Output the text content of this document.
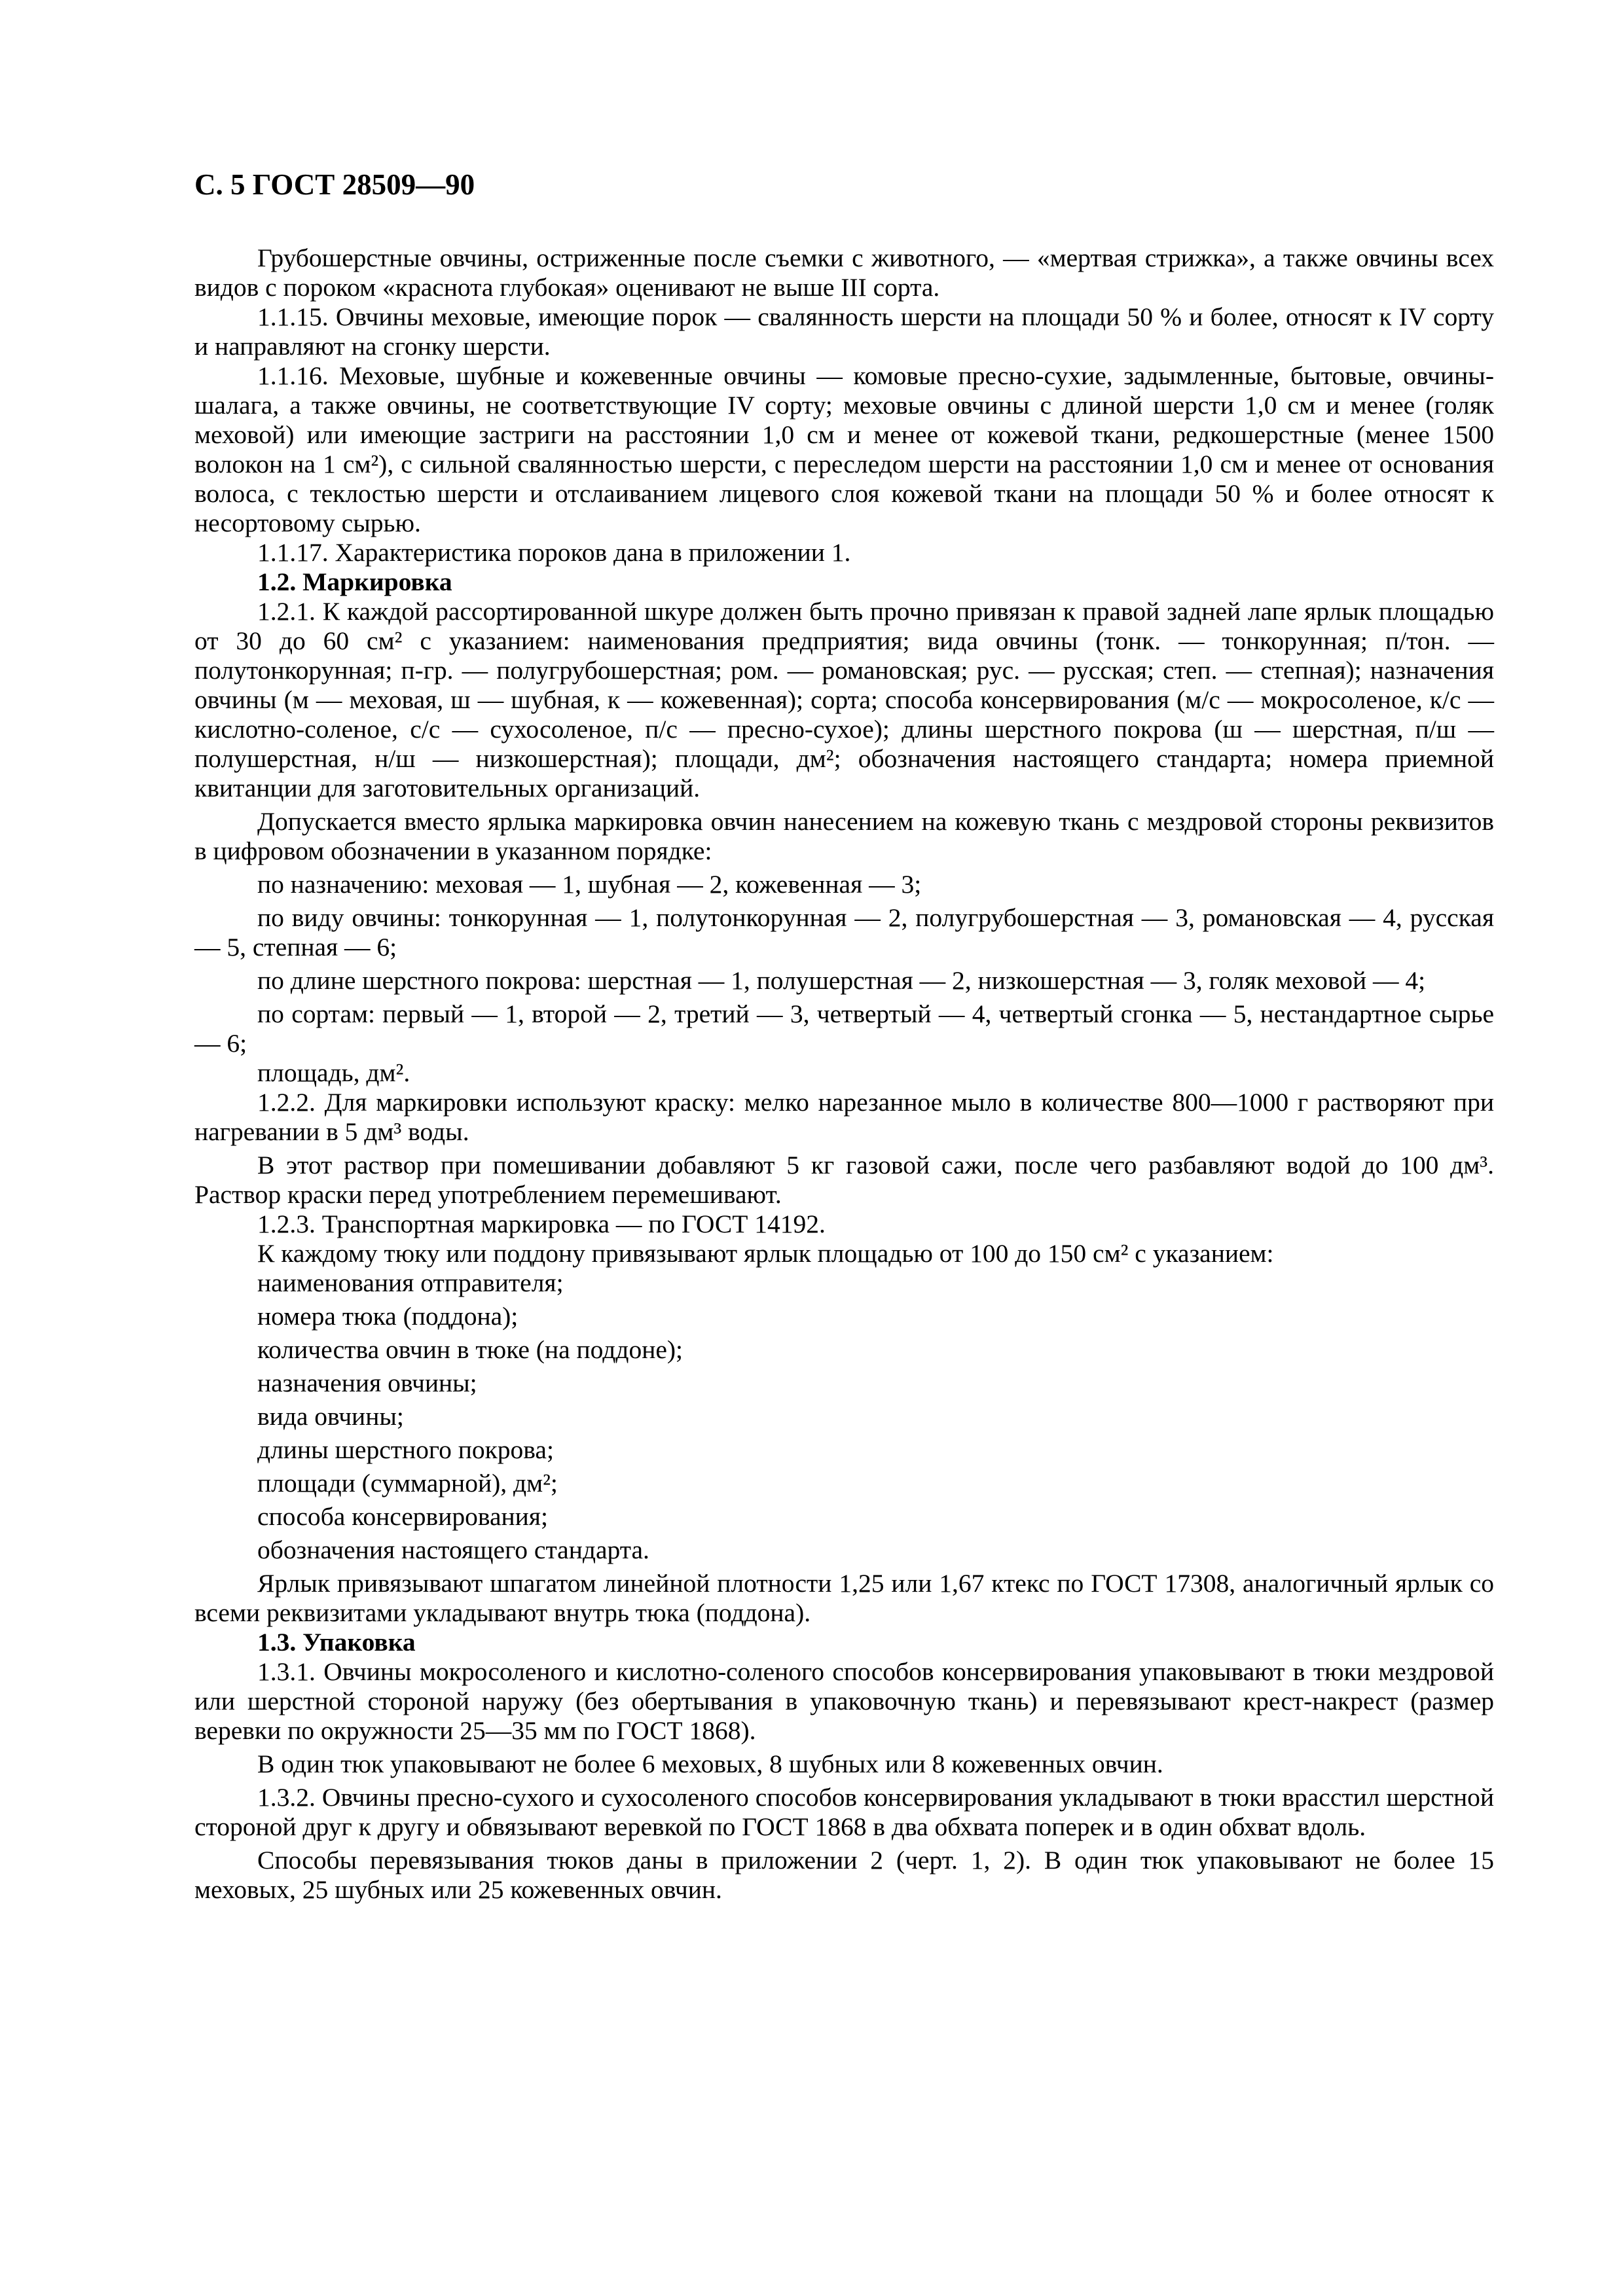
С. 5 ГОСТ 28509—90

Грубошерстные овчины, остриженные после съемки с животного, — «мертвая стрижка», а также овчины всех видов с пороком «краснота глубокая» оценивают не выше III сорта.

1.1.15. Овчины меховые, имеющие порок — свалянность шерсти на площади 50 % и более, относят к IV сорту и направляют на сгонку шерсти.

1.1.16. Меховые, шубные и кожевенные овчины — комовые пресно-сухие, задымленные, бытовые, овчины-шалага, а также овчины, не соответствующие IV сорту; меховые овчины с длиной шерсти 1,0 см и менее (голяк меховой) или имеющие застриги на расстоянии 1,0 см и менее от кожевой ткани, редкошерстные (менее 1500 волокон на 1 см²), с сильной свалянностью шерсти, с переследом шерсти на расстоянии 1,0 см и менее от основания волоса, с теклостью шерсти и отслаиванием лицевого слоя кожевой ткани на площади 50 % и более относят к несортовому сырью.

1.1.17. Характеристика пороков дана в приложении 1.

1.2. Маркировка

1.2.1. К каждой рассортированной шкуре должен быть прочно привязан к правой задней лапе ярлык площадью от 30 до 60 см² с указанием: наименования предприятия; вида овчины (тонк. — тонкорунная; п/тон. — полутонкорунная; п-гр. — полугрубошерстная; ром. — романовская; рус. — русская; степ. — степная); назначения овчины (м — меховая, ш — шубная, к — кожевенная); сорта; способа консервирования (м/с — мокросоленое, к/с — кислотно-соленое, с/с — сухосоленое, п/с — пресно-сухое); длины шерстного покрова (ш — шерстная, п/ш — полушерстная, н/ш — низкошерстная); площади, дм²; обозначения настоящего стандарта; номера приемной квитанции для заготовительных организаций.

Допускается вместо ярлыка маркировка овчин нанесением на кожевую ткань с мездровой стороны реквизитов в цифровом обозначении в указанном порядке:

по назначению: меховая — 1, шубная — 2, кожевенная — 3;

по виду овчины: тонкорунная — 1, полутонкорунная — 2, полугрубошерстная — 3, романовская — 4, русская — 5, степная — 6;

по длине шерстного покрова: шерстная — 1, полушерстная — 2, низкошерстная — 3, голяк меховой — 4;

по сортам: первый — 1, второй — 2, третий — 3, четвертый — 4, четвертый сгонка — 5, нестандартное сырье — 6;

площадь, дм².

1.2.2. Для маркировки используют краску: мелко нарезанное мыло в количестве 800—1000 г растворяют при нагревании в 5 дм³ воды.

В этот раствор при помешивании добавляют 5 кг газовой сажи, после чего разбавляют водой до 100 дм³. Раствор краски перед употреблением перемешивают.

1.2.3. Транспортная маркировка — по ГОСТ 14192.

К каждому тюку или поддону привязывают ярлык площадью от 100 до 150 см² с указанием:

наименования отправителя;

номера тюка (поддона);

количества овчин в тюке (на поддоне);

назначения овчины;

вида овчины;

длины шерстного покрова;

площади (суммарной), дм²;

способа консервирования;

обозначения настоящего стандарта.

Ярлык привязывают шпагатом линейной плотности 1,25 или 1,67 ктекс по ГОСТ 17308, аналогичный ярлык со всеми реквизитами укладывают внутрь тюка (поддона).

1.3. Упаковка

1.3.1. Овчины мокросоленого и кислотно-соленого способов консервирования упаковывают в тюки мездровой или шерстной стороной наружу (без обертывания в упаковочную ткань) и перевязывают крест-накрест (размер веревки по окружности 25—35 мм по ГОСТ 1868).

В один тюк упаковывают не более 6 меховых, 8 шубных или 8 кожевенных овчин.

1.3.2. Овчины пресно-сухого и сухосоленого способов консервирования укладывают в тюки врасстил шерстной стороной друг к другу и обвязывают веревкой по ГОСТ 1868 в два обхвата поперек и в один обхват вдоль.

Способы перевязывания тюков даны в приложении 2 (черт. 1, 2). В один тюк упаковывают не более 15 меховых, 25 шубных или 25 кожевенных овчин.
